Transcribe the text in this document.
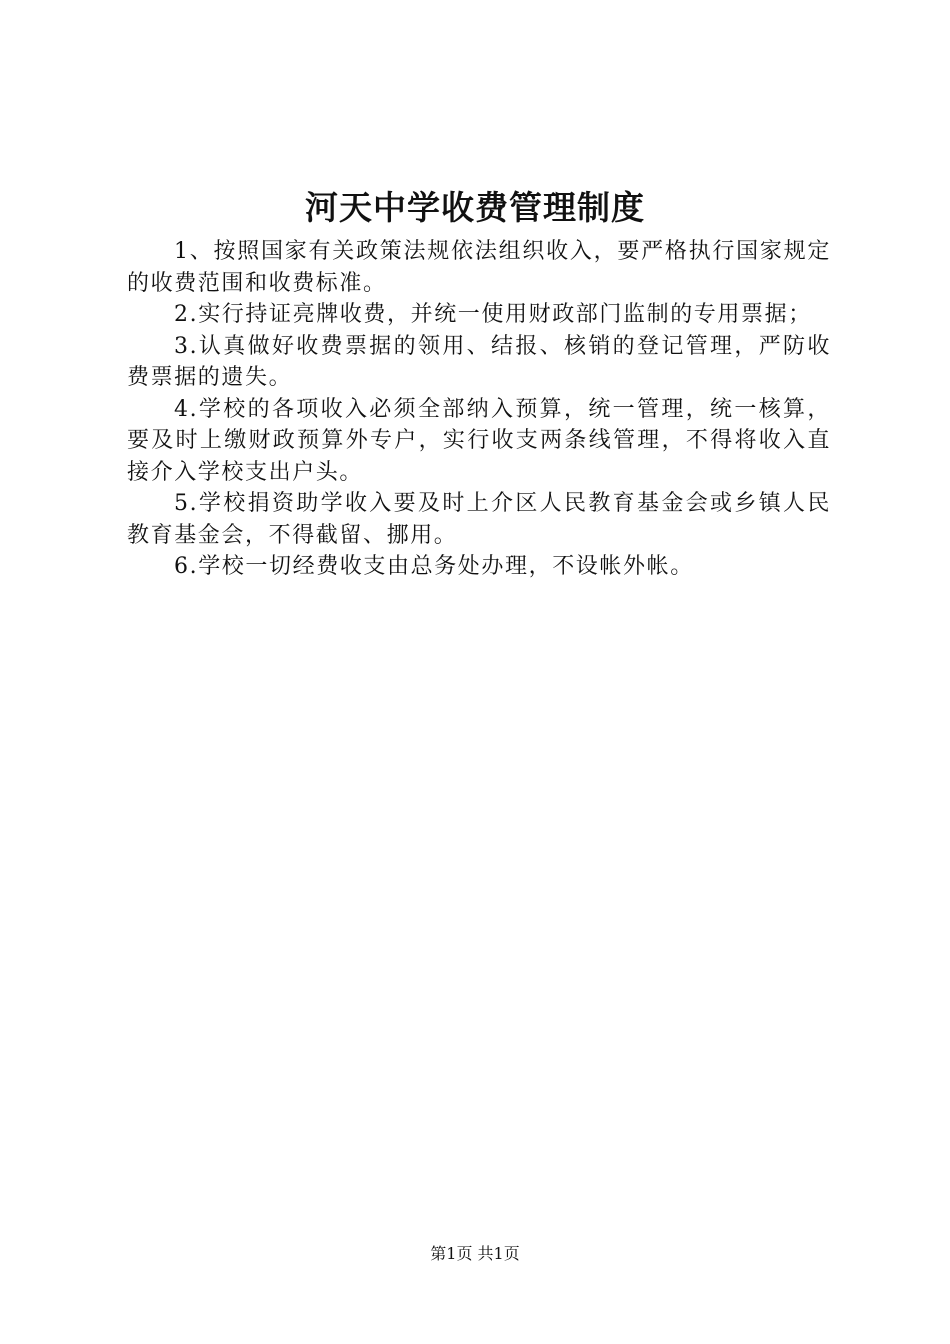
河天中学收费管理制度

1、按照国家有关政策法规依法组织收入，要严格执行国家规定的收费范围和收费标准。

2.实行持证亮牌收费，并统一使用财政部门监制的专用票据；

3.认真做好收费票据的领用、结报、核销的登记管理，严防收费票据的遗失。

4.学校的各项收入必须全部纳入预算，统一管理，统一核算，要及时上缴财政预算外专户，实行收支两条线管理，不得将收入直接介入学校支出户头。

5.学校捐资助学收入要及时上介区人民教育基金会或乡镇人民教育基金会，不得截留、挪用。

6.学校一切经费收支由总务处办理，不设帐外帐。

第1页 共1页
